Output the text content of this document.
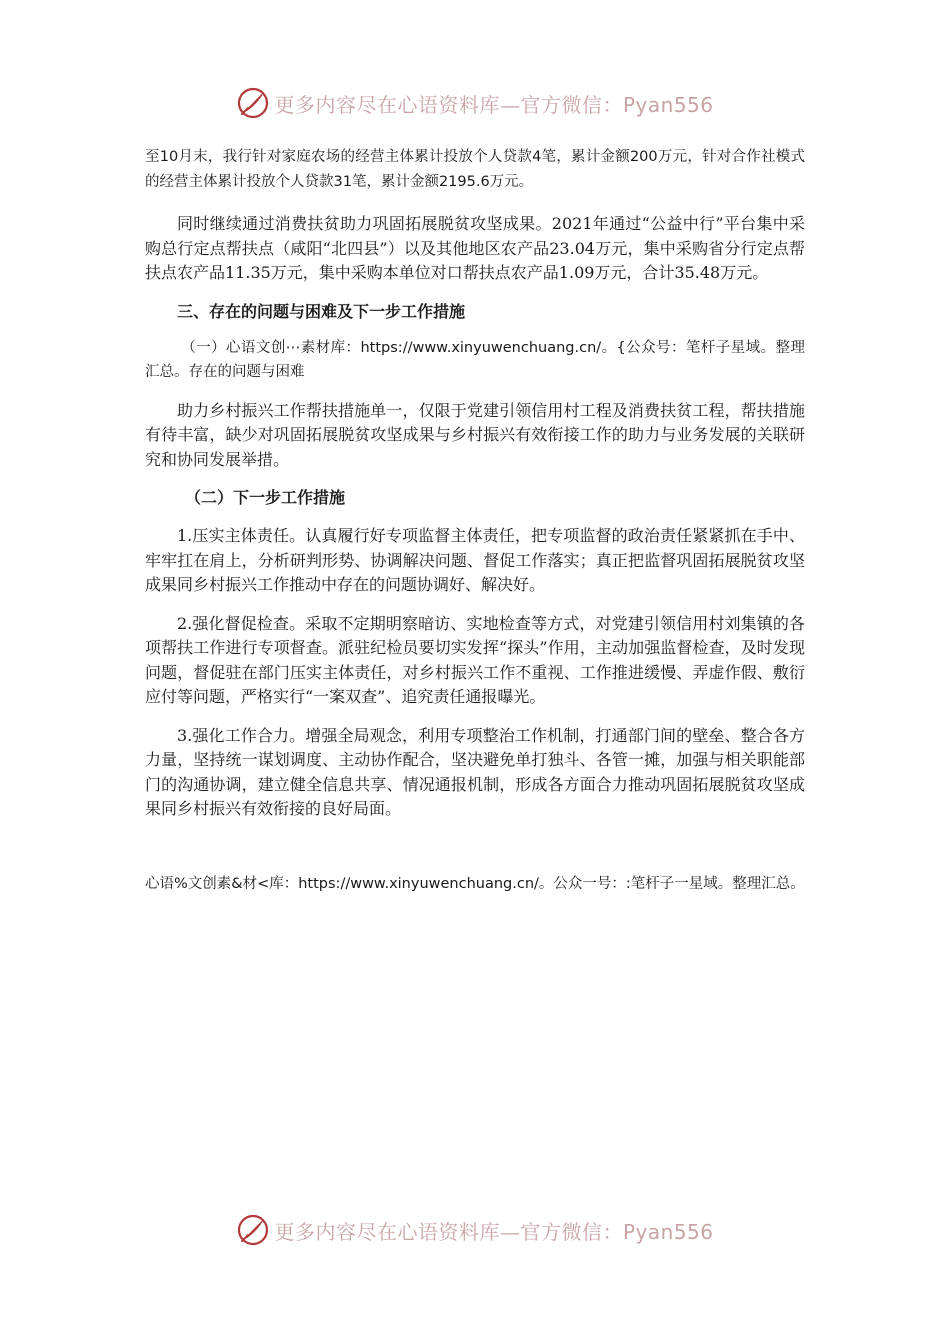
更多内容尽在心语资料库—官方微信：Pyan556

至10月末，我行针对家庭农场的经营主体累计投放个人贷款4笔，累计金额200万元，针对合作社模式的经营主体累计投放个人贷款31笔，累计金额2195.6万元。

同时继续通过消费扶贫助力巩固拓展脱贫攻坚成果。2021年通过“公益中行”平台集中采购总行定点帮扶点（咸阳“北四县”）以及其他地区农产品23.04万元，集中采购省分行定点帮扶点农产品11.35万元，集中采购本单位对口帮扶点农产品1.09万元，合计35.48万元。

三、存在的问题与困难及下一步工作措施

（一）心语文创⋯素材库：https://www.xinyuwenchuang.cn/。{公众号：笔杆子星域。整理汇总。存在的问题与困难

助力乡村振兴工作帮扶措施单一，仅限于党建引领信用村工程及消费扶贫工程，帮扶措施有待丰富，缺少对巩固拓展脱贫攻坚成果与乡村振兴有效衔接工作的助力与业务发展的关联研究和协同发展举措。

（二）下一步工作措施

1.压实主体责任。认真履行好专项监督主体责任，把专项监督的政治责任紧紧抓在手中、牢牢扛在肩上，分析研判形势、协调解决问题、督促工作落实；真正把监督巩固拓展脱贫攻坚成果同乡村振兴工作推动中存在的问题协调好、解决好。

2.强化督促检查。采取不定期明察暗访、实地检查等方式，对党建引领信用村刘集镇的各项帮扶工作进行专项督查。派驻纪检员要切实发挥“探头”作用，主动加强监督检查，及时发现问题，督促驻在部门压实主体责任，对乡村振兴工作不重视、工作推进缓慢、弄虚作假、敷衍应付等问题，严格实行“一案双查”、追究责任通报曝光。

3.强化工作合力。增强全局观念，利用专项整治工作机制，打通部门间的壁垒、整合各方力量，坚持统一谋划调度、主动协作配合，坚决避免单打独斗、各管一摊，加强与相关职能部门的沟通协调，建立健全信息共享、情况通报机制，形成各方面合力推动巩固拓展脱贫攻坚成果同乡村振兴有效衔接的良好局面。

心语%文创素&材<库：https://www.xinyuwenchuang.cn/。公众一号：:笔杆子一星域。整理汇总。

更多内容尽在心语资料库—官方微信：Pyan556
